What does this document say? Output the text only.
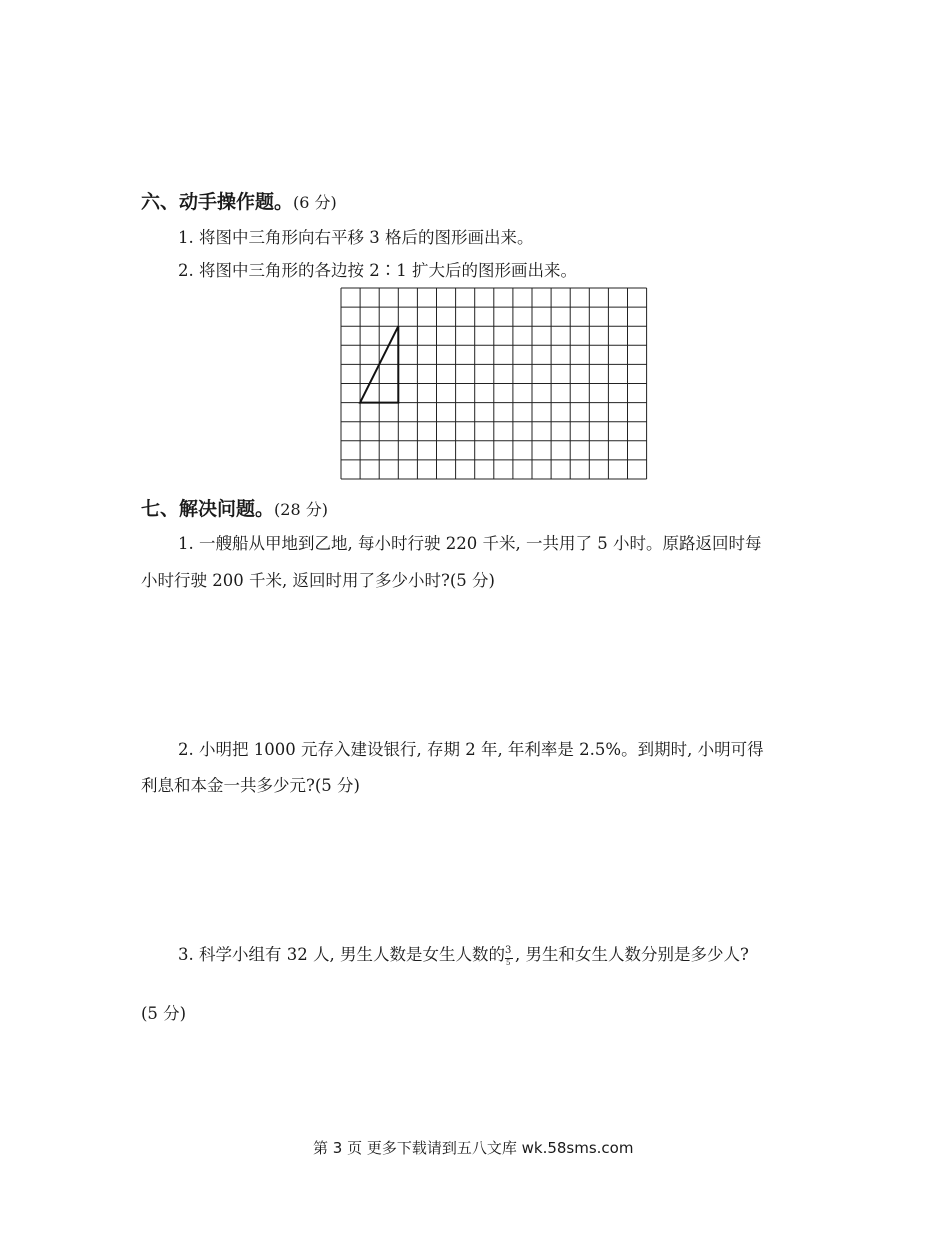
六、动手操作题。(6 分)
1. 将图中三角形向右平移 3 格后的图形画出来。
2. 将图中三角形的各边按 2∶1 扩大后的图形画出来。
七、解决问题。(28 分)
1. 一艘船从甲地到乙地, 每小时行驶 220 千米, 一共用了 5 小时。原路返回时每
小时行驶 200 千米, 返回时用了多少小时?(5 分)
2. 小明把 1000 元存入建设银行, 存期 2 年, 年利率是 2.5%。到期时, 小明可得
利息和本金一共多少元?(5 分)
3. 科学小组有 32 人, 男生人数是女生人数的 $\frac{3}{5}$ , 男生和女生人数分别是多少人?
(5 分)
第 3 页 更多下载请到五八文库 wk.58sms.com
